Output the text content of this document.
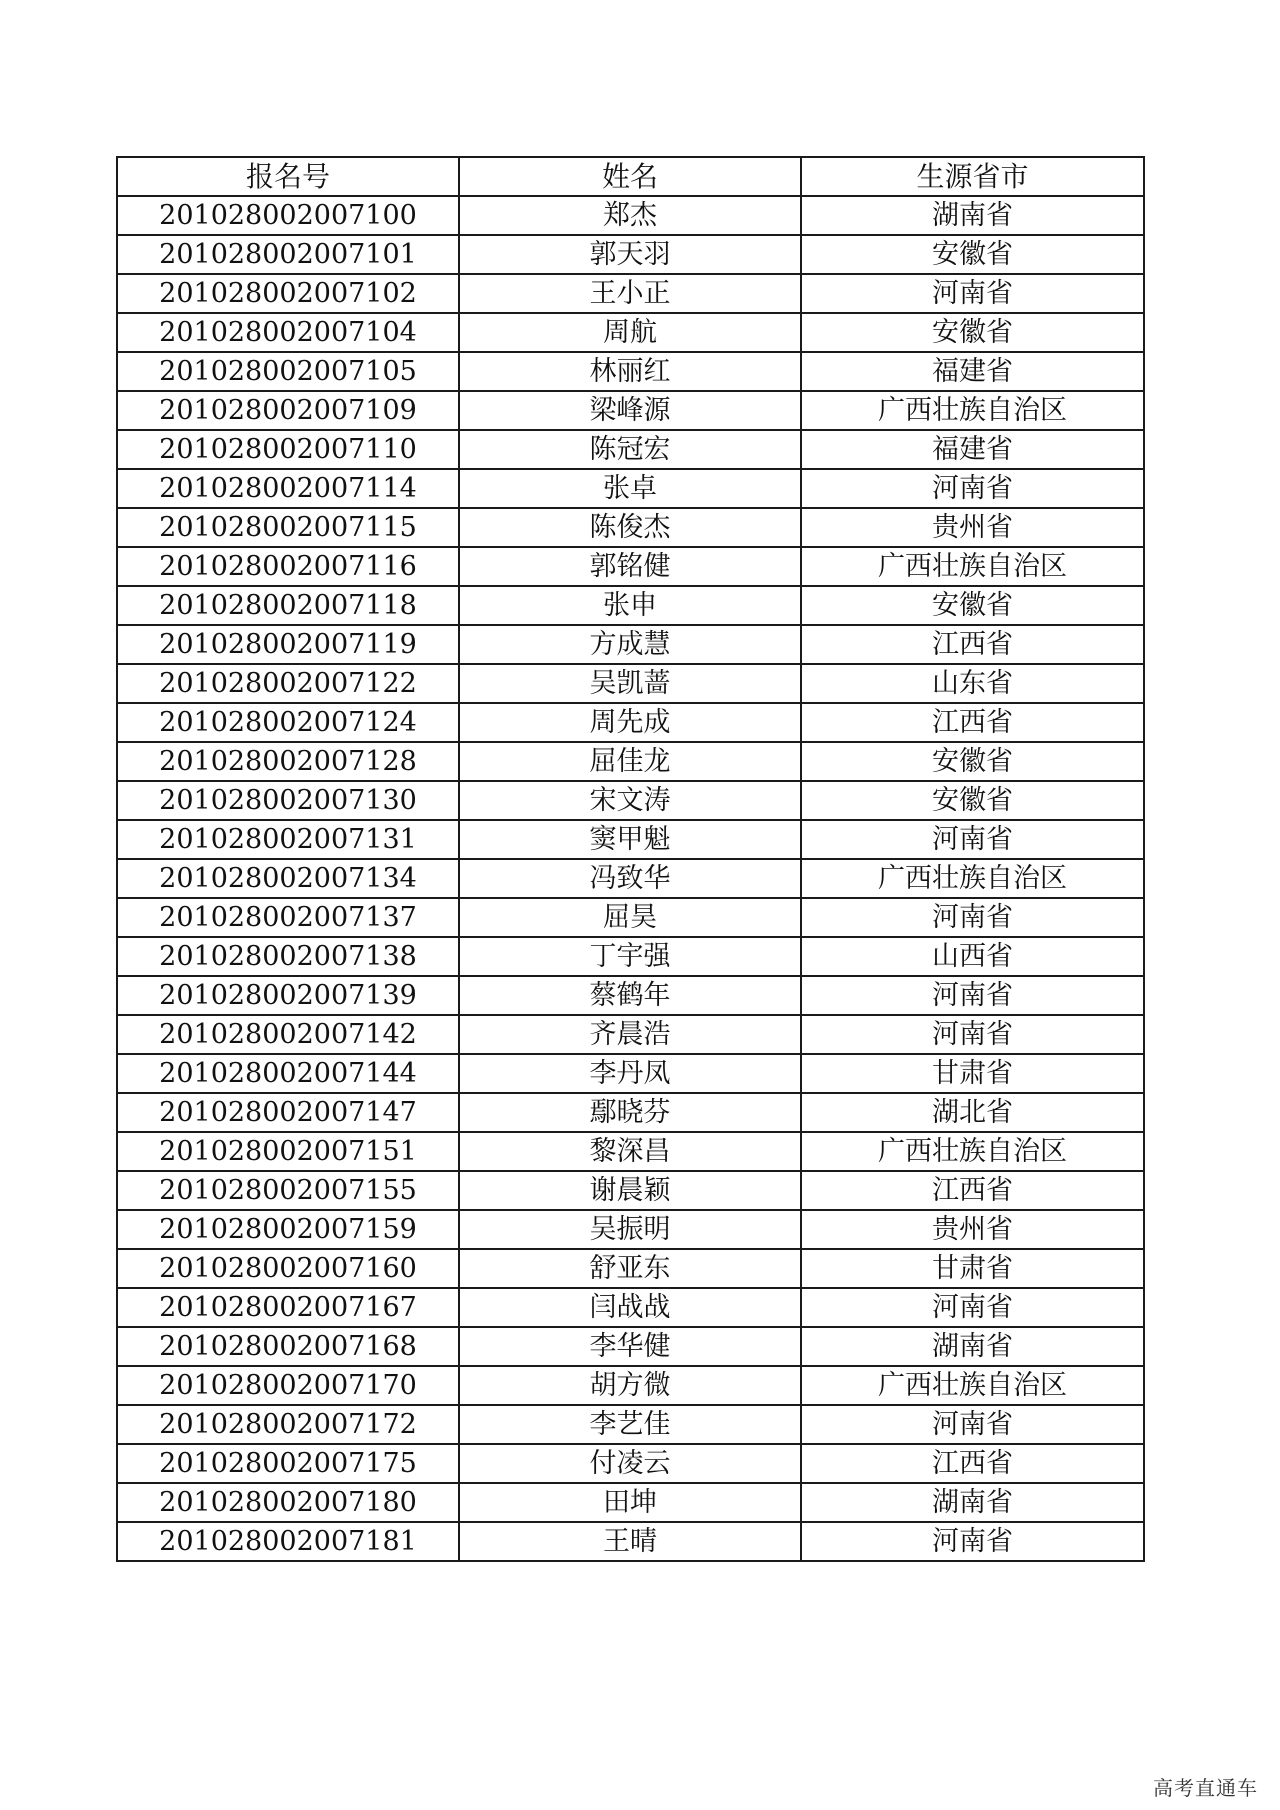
报名号	姓名	生源省市
201028002007100	郑杰	湖南省
201028002007101	郭天羽	安徽省
201028002007102	王小正	河南省
201028002007104	周航	安徽省
201028002007105	林丽红	福建省
201028002007109	梁峰源	广西壮族自治区
201028002007110	陈冠宏	福建省
201028002007114	张卓	河南省
201028002007115	陈俊杰	贵州省
201028002007116	郭铭健	广西壮族自治区
201028002007118	张申	安徽省
201028002007119	方成慧	江西省
201028002007122	吴凯蔷	山东省
201028002007124	周先成	江西省
201028002007128	屈佳龙	安徽省
201028002007130	宋文涛	安徽省
201028002007131	窦甲魁	河南省
201028002007134	冯致华	广西壮族自治区
201028002007137	屈昊	河南省
201028002007138	丁宇强	山西省
201028002007139	蔡鹤年	河南省
201028002007142	齐晨浩	河南省
201028002007144	李丹凤	甘肃省
201028002007147	鄢晓芬	湖北省
201028002007151	黎深昌	广西壮族自治区
201028002007155	谢晨颖	江西省
201028002007159	吴振明	贵州省
201028002007160	舒亚东	甘肃省
201028002007167	闫战战	河南省
201028002007168	李华健	湖南省
201028002007170	胡方微	广西壮族自治区
201028002007172	李艺佳	河南省
201028002007175	付凌云	江西省
201028002007180	田坤	湖南省
201028002007181	王晴	河南省
高考直通车
